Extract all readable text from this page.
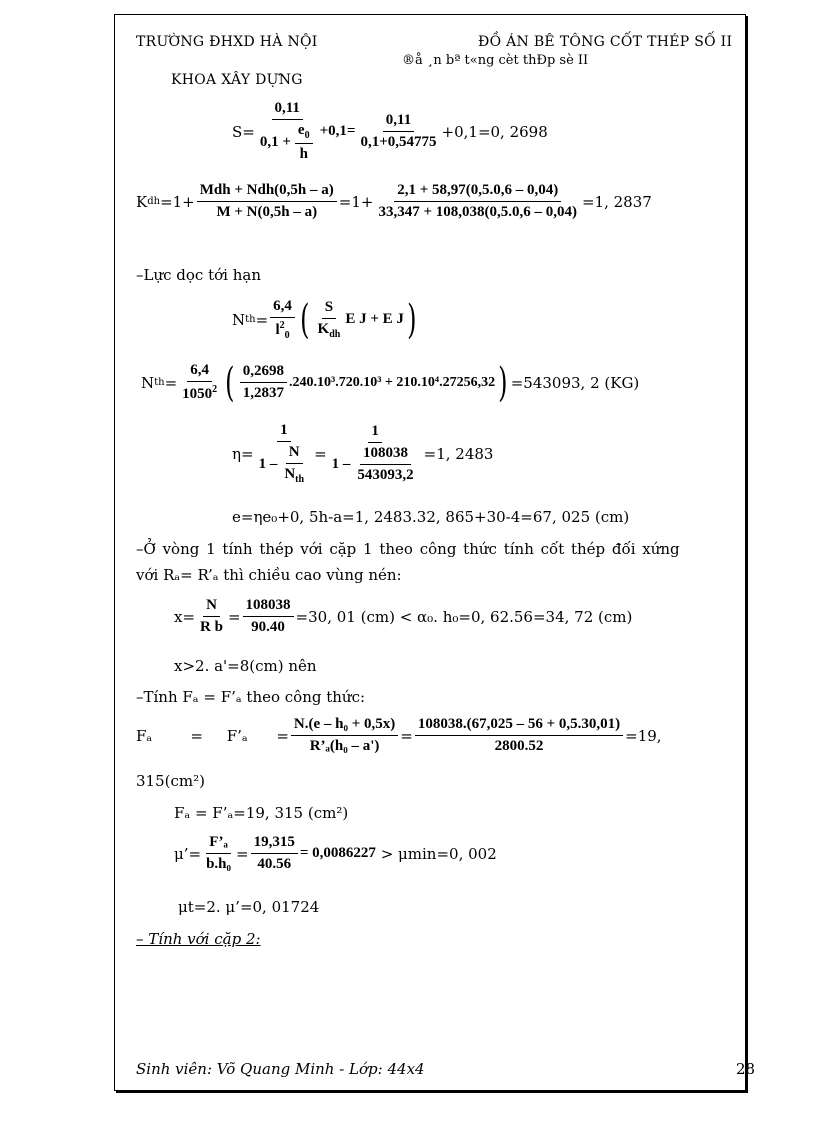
TRƯỜNG ĐHXD HÀ NỘI	ĐỒ ÁN BÊ TÔNG CỐT THÉP SỐ II
®å ¸n bª t«ng cèt thÐp sè II
KHOA XÂY DỰNG
$S= \frac{0,11}{0,1 + \frac{e_0}{h}} +0,1= \frac{0,11}{0,1+0,54775} +0,1=0$, 2698
K dh $=1+ \frac{\text{Mdh + Ndh(0,5h – a)}}{M + N(0,5h - a)} =1+ \frac{2,1 + 58,97(0,5.0,6 - 0,04)}{33,347 + 108,038(0,5.0,6 - 0,04)} =1$, 2837
–Lực dọc tới hạn
N th = $\frac{6,4}{l^2_0}$ ( $\frac{S}{K_{dh}}$ E J + E J )
N th = $\frac{6,4}{1050^2}$ ( $\frac{0,2698}{1,2837} .240.10^3.720.10^3 + 210.10^4.27256,32$ ) =543093, 2 (KG)
$\eta= \frac{1}{1 - \frac{N}{N_{th}}} = \frac{1}{1 - \frac{108038}{543093,2}} =1$, 2483
e=ηe₀+0, 5h-a=1, 2483.32, 865+30-4=67, 025 (cm)
–Ở vòng 1 tính thép với cặp 1 theo công thức tính cốt thép đối xứng
với Rₐ= R’ₐ thì chiều cao vùng nén:
$x= \frac{N}{\text{R b}} = \frac{108038}{90.40} =30$, 01 (cm) < α₀. h₀=0, 62.56=34, 72 (cm)
x>2. a'=8(cm) nên
–Tính Fₐ = F’ₐ theo công thức:
Fₐ        =     F’ₐ      = $\frac{\text{N.(e – h₀ + 0,5x)}}{\text{R’ₐ(h₀ – a')}} = \frac{108038.(67,025 - 56 + 0,5.30,01)}{2800.52} =19$,
315(cm²)
Fₐ = F’ₐ=19, 315 (cm²)
μ’= $\frac{\text{F’ₐ}}{\text{b.h₀}} = \frac{19,315}{40.56} = 0,0086227 > \mu\min=0$, 002
μt=2. μ’=0, 01724
– Tính với cặp 2:
Sinh viên: Võ Quang Minh - Lớp: 44x4	28
